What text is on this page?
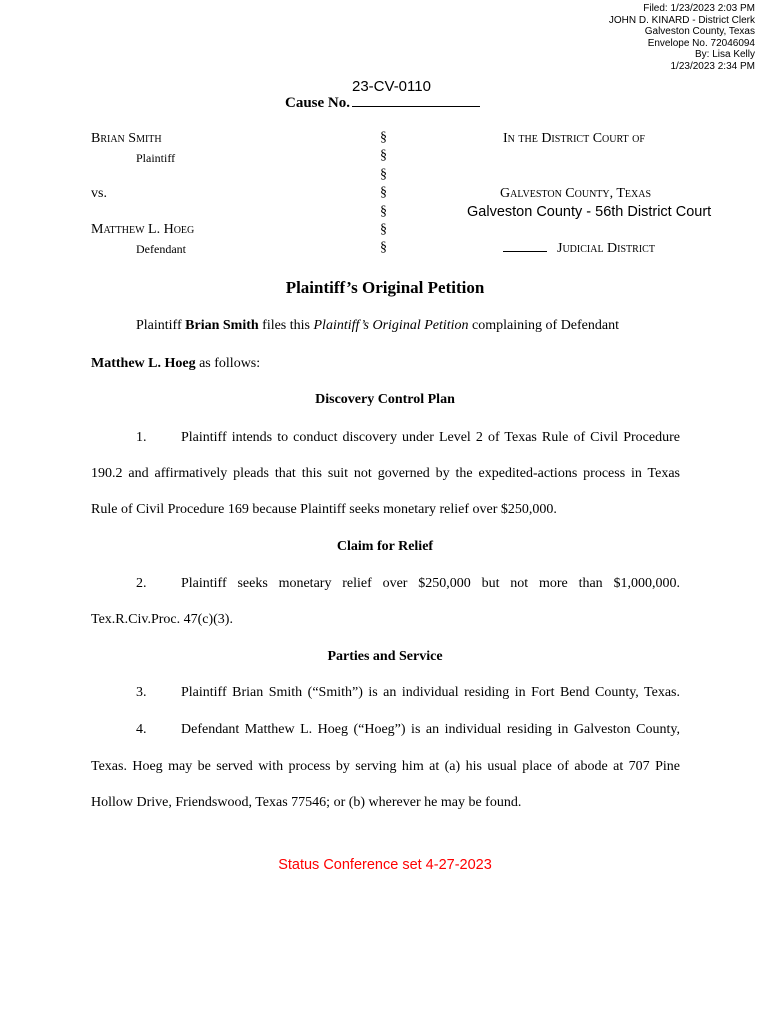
Filed: 1/23/2023 2:03 PM
JOHN D. KINARD - District Clerk
Galveston County, Texas
Envelope No. 72046094
By: Lisa Kelly
1/23/2023 2:34 PM
23-CV-0110
Cause No.
Brian Smith
Plaintiff
vs.
Matthew L. Hoeg
Defendant
§
§
§
§
§
§
§
In the District Court of
Galveston County, Texas
Galveston County - 56th District Court
Judicial District
Plaintiff’s Original Petition
Plaintiff Brian Smith files this Plaintiff’s Original Petition complaining of Defendant
Matthew L. Hoeg as follows:
Discovery Control Plan
1. Plaintiff intends to conduct discovery under Level 2 of Texas Rule of Civil Procedure
190.2 and affirmatively pleads that this suit not governed by the expedited-actions process in Texas
Rule of Civil Procedure 169 because Plaintiff seeks monetary relief over $250,000.
Claim for Relief
2. Plaintiff seeks monetary relief over $250,000 but not more than $1,000,000.
Tex.R.Civ.Proc. 47(c)(3).
Parties and Service
3. Plaintiff Brian Smith (“Smith”) is an individual residing in Fort Bend County, Texas.
4. Defendant Matthew L. Hoeg (“Hoeg”) is an individual residing in Galveston County,
Texas. Hoeg may be served with process by serving him at (a) his usual place of abode at 707 Pine
Hollow Drive, Friendswood, Texas 77546; or (b) wherever he may be found.
Status Conference set 4-27-2023
